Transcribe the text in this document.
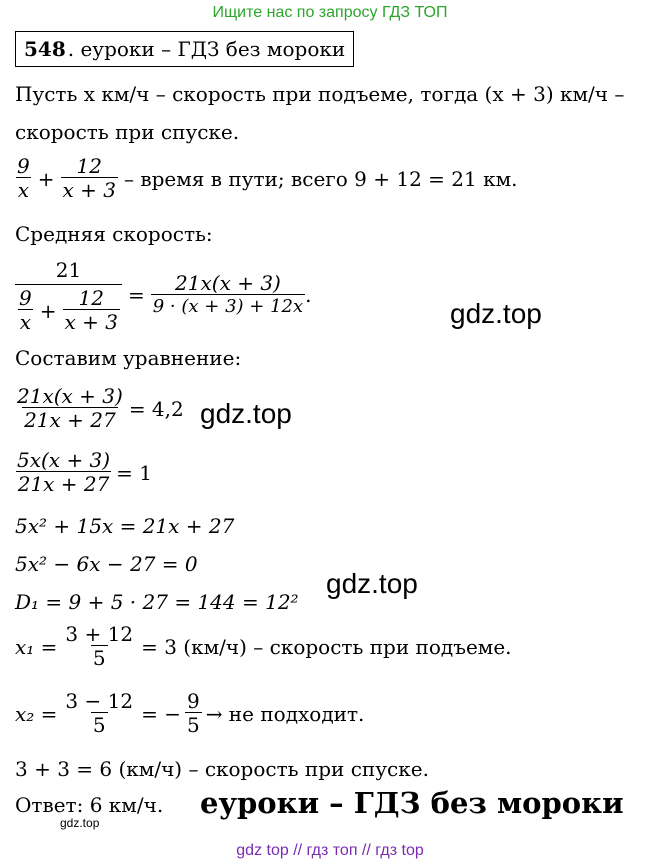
Ищите нас по запросу ГДЗ ТОП
548 . еуроки – ГДЗ без мороки
Пусть x км/ч – скорость при подъеме, тогда (x + 3) км/ч –
скорость при спуске.
$\frac{9}{x} + \frac{12}{x + 3}$ – время в пути; всего 9 + 12 = 21 км.
Средняя скорость:
$\frac{21}{\frac{9}{x} + \frac{12}{x + 3}} = \frac{21x(x + 3)}{9 \cdot (x + 3) + 12x}$ .
gdz.top
Составим уравнение:
$\frac{21x(x + 3)}{21x + 27} = 4,2$ gdz.top
$\frac{5x(x + 3)}{21x + 27} = 1$
5x² + 15x = 21x + 27
5x² − 6x − 27 = 0
gdz.top
D₁ = 9 + 5 · 27 = 144 = 12²
$x_1 = \frac{3 + 12}{5} = 3$ (км/ч) – скорость при подъеме.
$x_2 = \frac{3 - 12}{5}$ = − $\frac{9}{5}$ → не подходит.
3 + 3 = 6 (км/ч) – скорость при спуске.
Ответ: 6 км/ч. еуроки – ГДЗ без мороки
gdz.top
gdz top // гдз топ // гдз top
